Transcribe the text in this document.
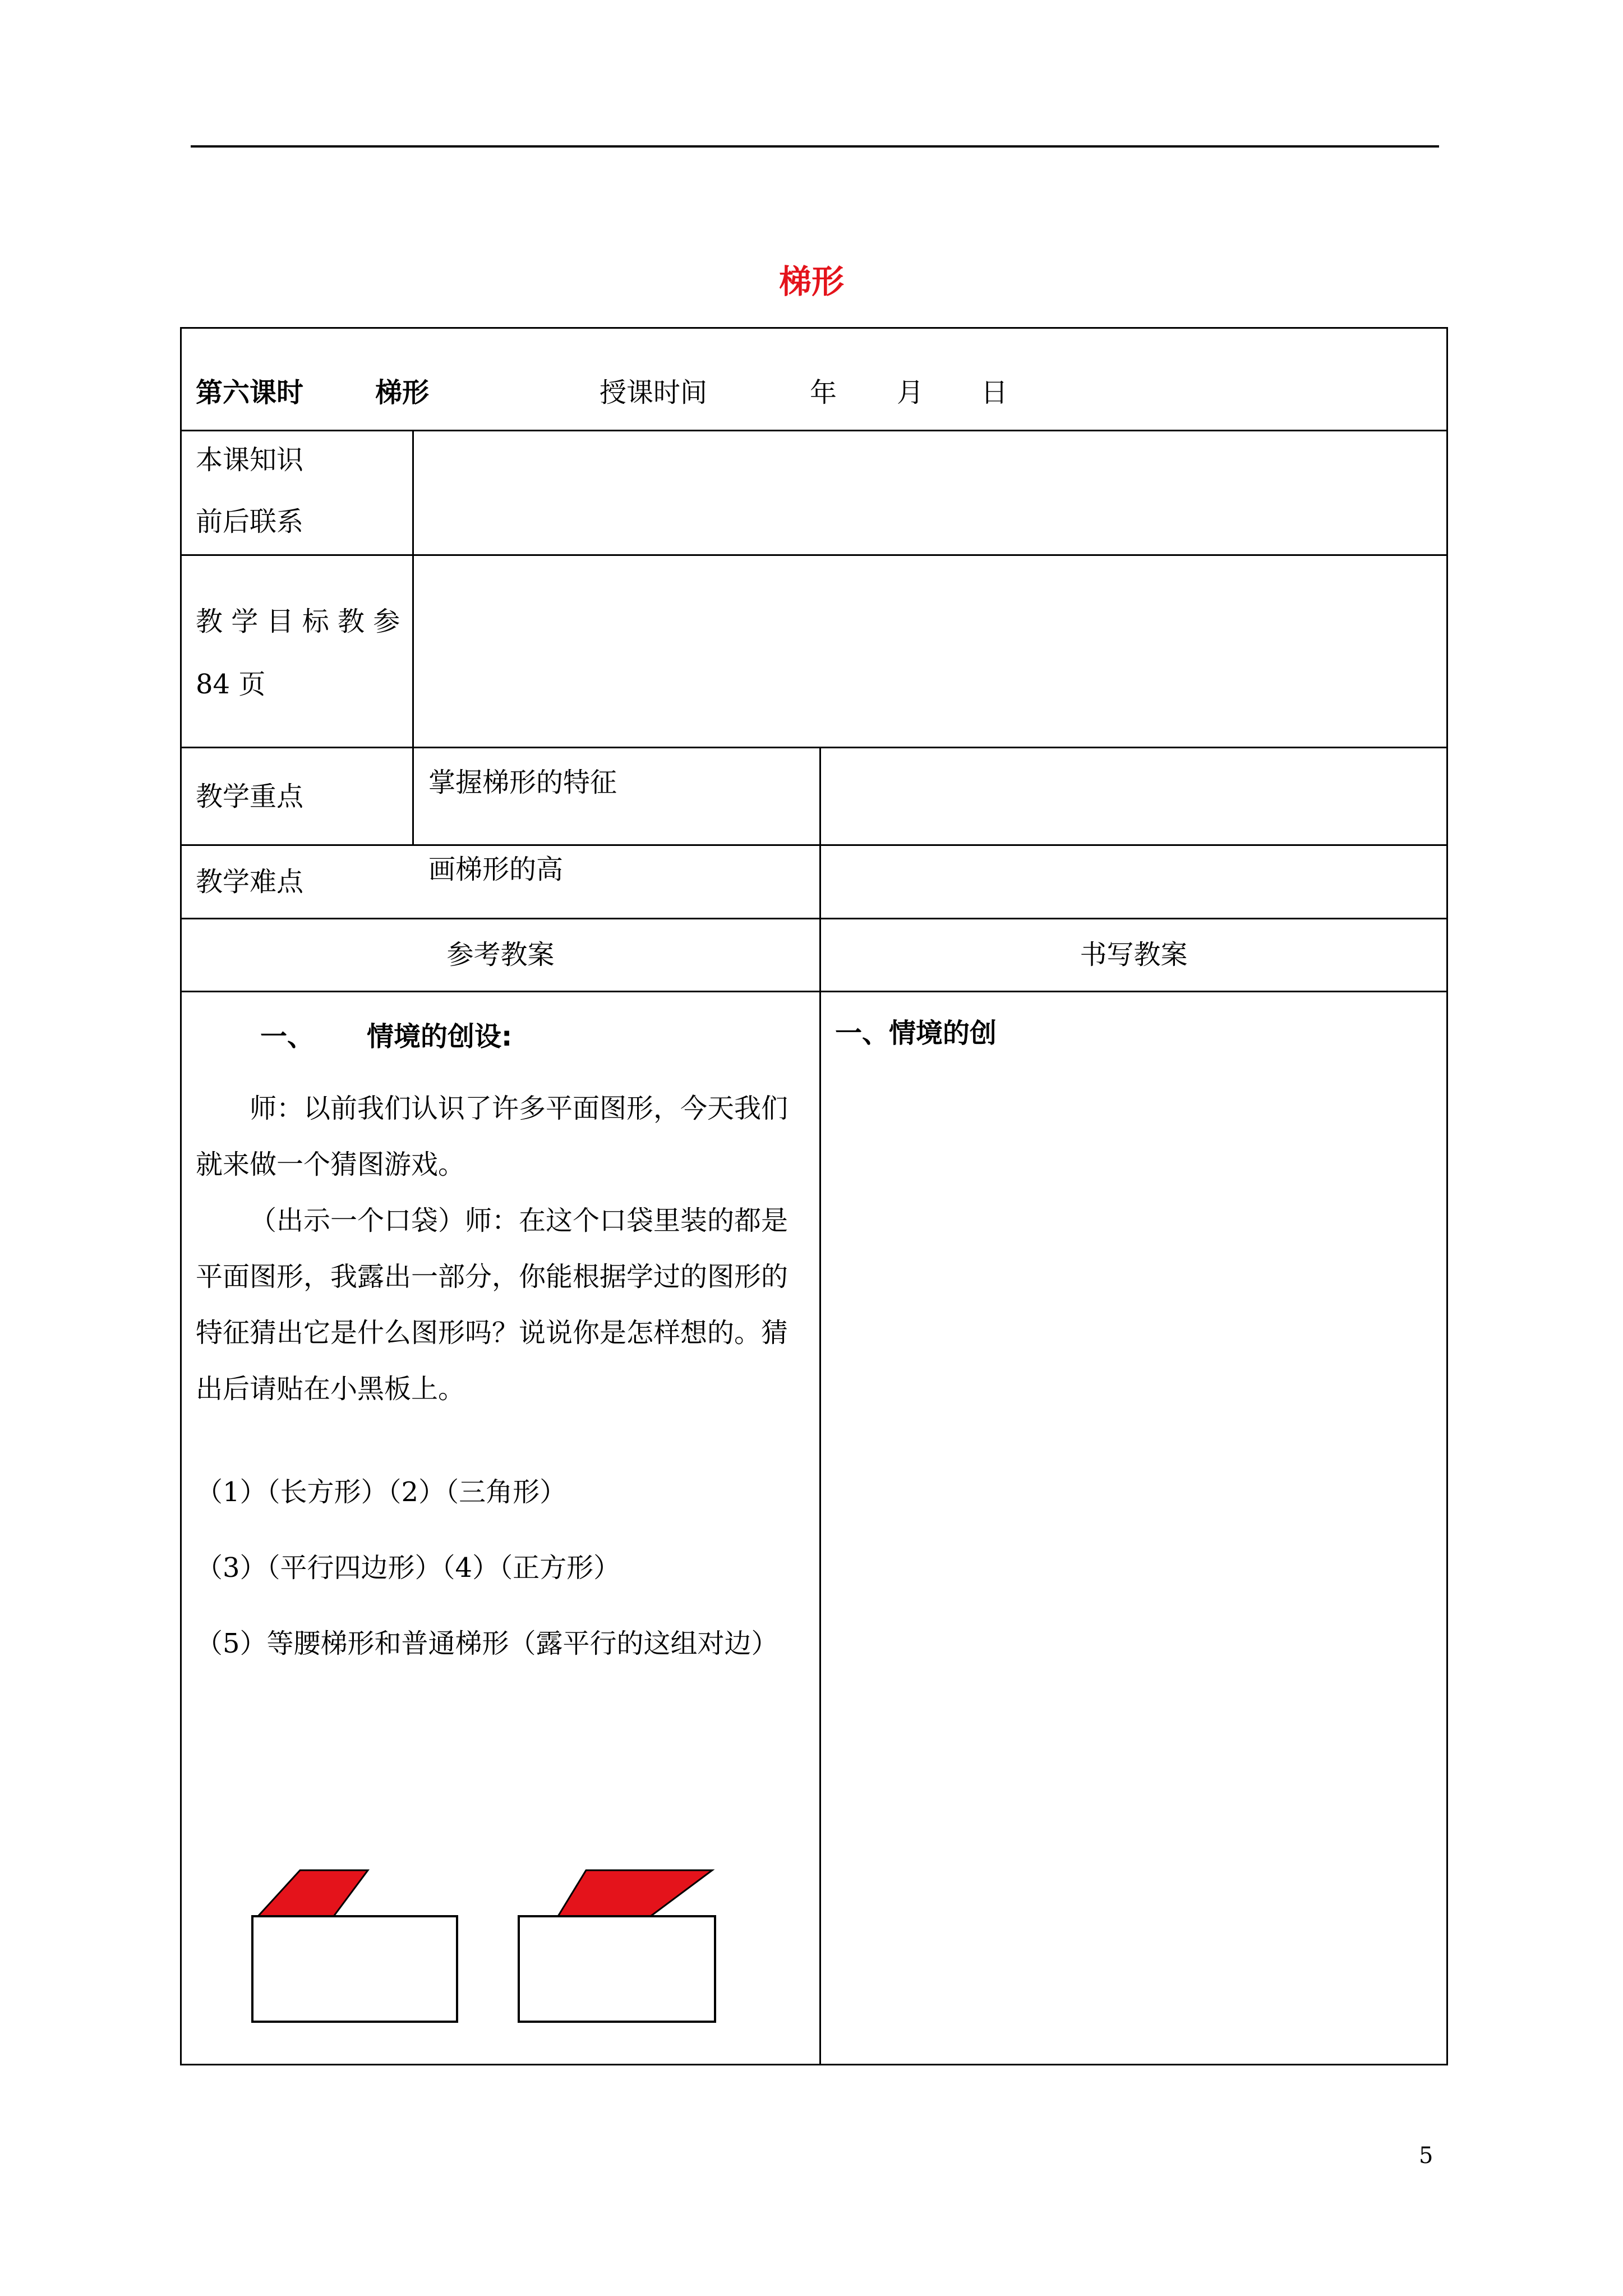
梯形
第六课时	梯形	授课时间	年 月 日
本课知识
前后联系
教 学 目 标 教 参
84 页
教学重点	掌握梯形的特征
教学难点	画梯形的高
参考教案	书写教案
一、 情境的创设:
师：以前我们认识了许多平面图形，今天我们就来做一个猜图游戏。
（出示一个口袋）师：在这个口袋里装的都是平面图形，我露出一部分，你能根据学过的图形的特征猜出它是什么图形吗？说说你是怎样想的。猜出后请贴在小黑板上。
（1）（长方形）（2）（三角形）
（3）（平行四边形）（4）（正方形）
（5）等腰梯形和普通梯形（露平行的这组对边）
一、情境的创
5
